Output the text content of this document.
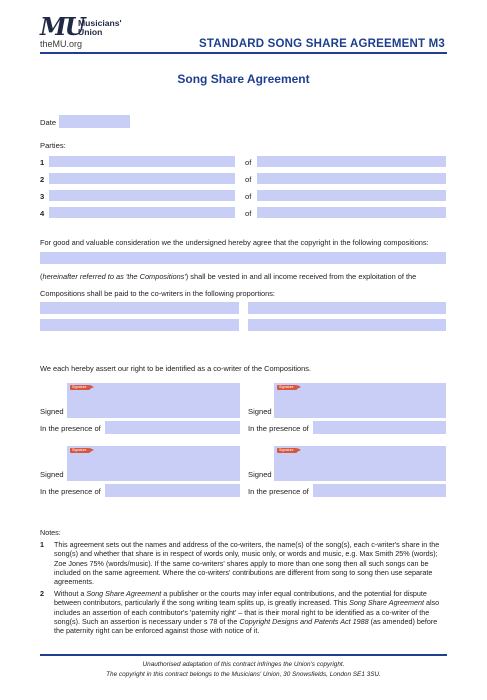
MU
Musicians'
Union
theMU.org	STANDARD SONG SHARE AGREEMENT M3
Song Share Agreement
Date
Parties:
1	of
2	of
3	of
4	of
For good and valuable consideration we the undersigned hereby agree that the copyright in the following compositions:
(hereinafter referred to as 'the Compositions') shall be vested in and all income received from the exploitation of the
Compositions shall be paid to the co-writers in the following proportions:
We each hereby assert our right to be identified as a co-writer of the Compositions.
Signature
Signed
In the presence of
Signature
Signed
In the presence of
Signature
Signed
In the presence of
Signature
Signed
In the presence of
Notes:
1 This agreement sets out the names and address of the co-writers, the name(s) of the song(s), each c-writer's share in the song(s) and whether that share is in respect of words only, music only, or words and music, e.g. Max Smith 25% (words); Zoe Jones 75% (words/music). If the same co-writers' shares apply to more than one song then all such songs can be included on the same agreement. Where the co-writers' contributions are different from song to song then use separate agreements.
2 Without a Song Share Agreement a publisher or the courts may infer equal contributions, and the potential for dispute between contributors, particularly if the song writing team splits up, is greatly increased. This Song Share Agreement also includes an assertion of each contributor's 'paternity right' – that is their moral right to be identified as a co-writer of the song(s). Such an assertion is necessary under s 78 of the Copyright Designs and Patents Act 1988 (as amended) before the paternity right can be enforced against those with notice of it.
Unauthorised adaptation of this contract infringes the Union's copyright.
The copyright in this contract belongs to the Musicians' Union, 30 Snowsfields, London SE1 3SU.
